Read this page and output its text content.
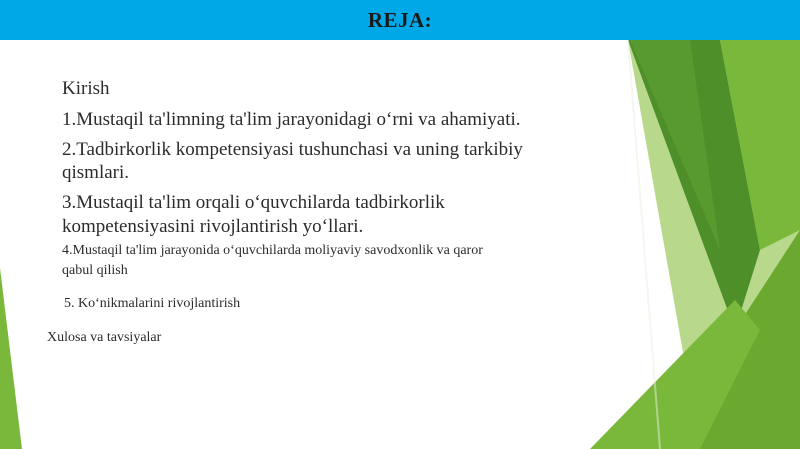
REJA:
Kirish
1.Mustaqil ta'limning ta'lim jarayonidagi o‘rni va ahamiyati.
2.Tadbirkorlik kompetensiyasi tushunchasi va uning tarkibiy
qismlari.
3.Mustaqil ta'lim orqali o‘quvchilarda tadbirkorlik
kompetensiyasini rivojlantirish yo‘llari.
4.Mustaqil ta'lim jarayonida o‘quvchilarda moliyaviy savodxonlik va qaror
qabul qilish
5. Ko‘nikmalarini rivojlantirish
Xulosa va tavsiyalar
